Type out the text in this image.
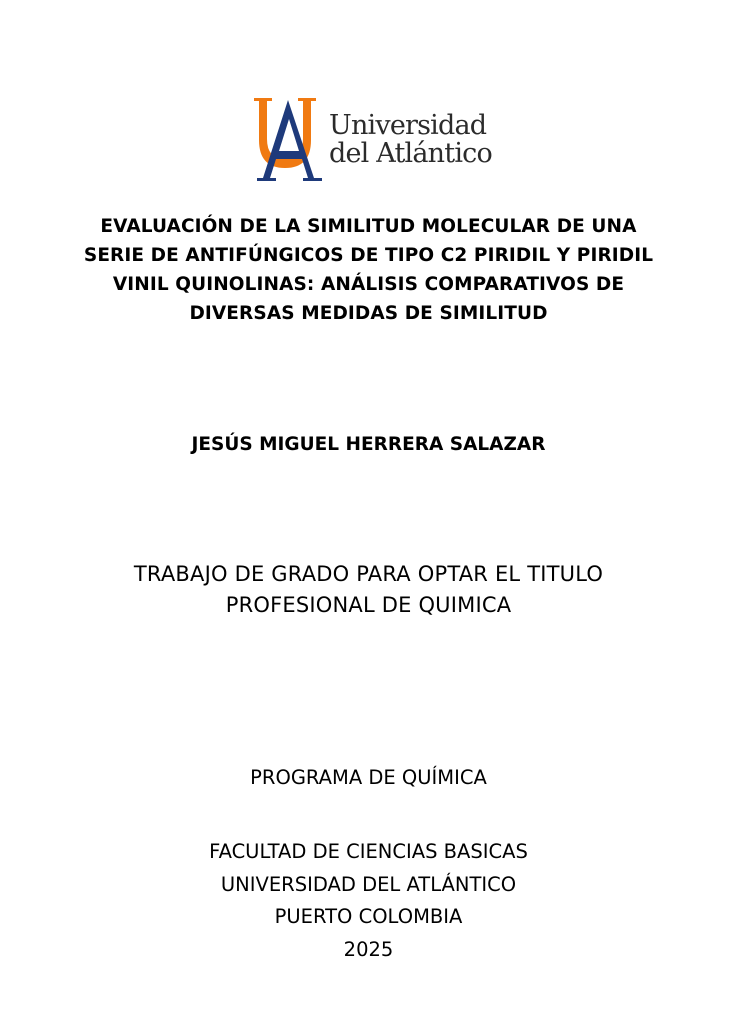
Universidad
del Atlántico
EVALUACIÓN DE LA SIMILITUD MOLECULAR DE UNA
SERIE DE ANTIFÚNGICOS DE TIPO C2 PIRIDIL Y PIRIDIL
VINIL QUINOLINAS: ANÁLISIS COMPARATIVOS DE
DIVERSAS MEDIDAS DE SIMILITUD

JESÚS MIGUEL HERRERA SALAZAR

TRABAJO DE GRADO PARA OPTAR EL TITULO
PROFESIONAL DE QUIMICA

PROGRAMA DE QUÍMICA

FACULTAD DE CIENCIAS BASICAS
UNIVERSIDAD DEL ATLÁNTICO
PUERTO COLOMBIA
2025
